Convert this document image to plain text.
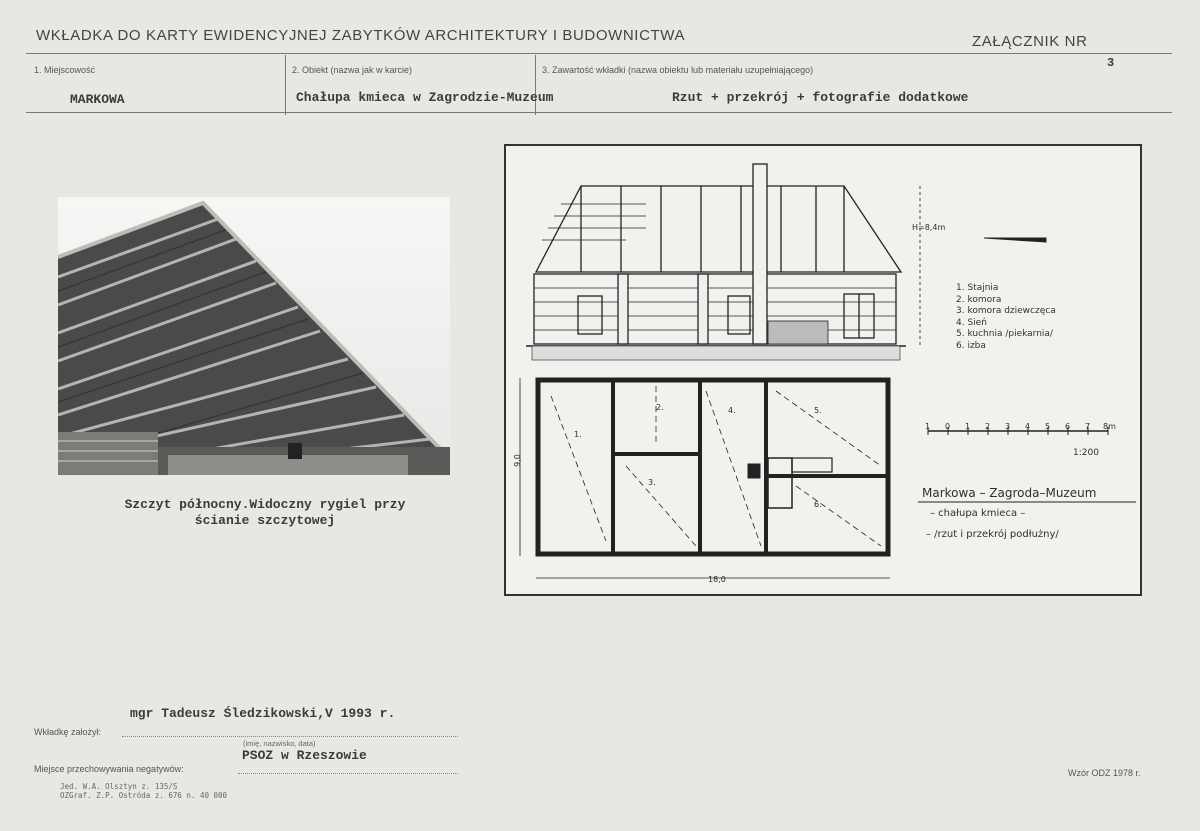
WKŁADKA DO KARTY EWIDENCYJNEJ ZABYTKÓW ARCHITEKTURY I BUDOWNICTWA	ZAŁĄCZNIK NR
3
1. Miejscowość	2. Obiekt (nazwa jak w karcie)	3. Zawartość wkładki (nazwa obiektu lub materiału uzupełniającego)
MARKOWA	Chałupa kmieca w Zagrodzie-Muzeum	Rzut + przekrój + fotografie dodatkowe
Szczyt północny.Widoczny rygiel przy
ścianie szczytowej
H=8,4m
1. Stajnia
2. komora
3. komora dziewczęca
4. Sień
5. kuchnia /piekarnia/
6. izba
1 0 1 2 3 4 5 6 7 8m
1:200
1.
2.
3.
4.	5.
6.
18,0
9,0
Markowa – Zagroda–Muzeum
– chałupa kmieca –
– /rzut i przekrój podłużny/
mgr Tadeusz Śledzikowski,V 1993 r.
Wkładkę założył:
(imię, nazwisko, data)
PSOZ w Rzeszowie
Miejsce przechowywania negatywów:
Jed. W.A. Olsztyn z. 135/S
OZGraf. Z.P. Ostróda z. 676 n. 40 000
Wzór ODZ 1978 r.
